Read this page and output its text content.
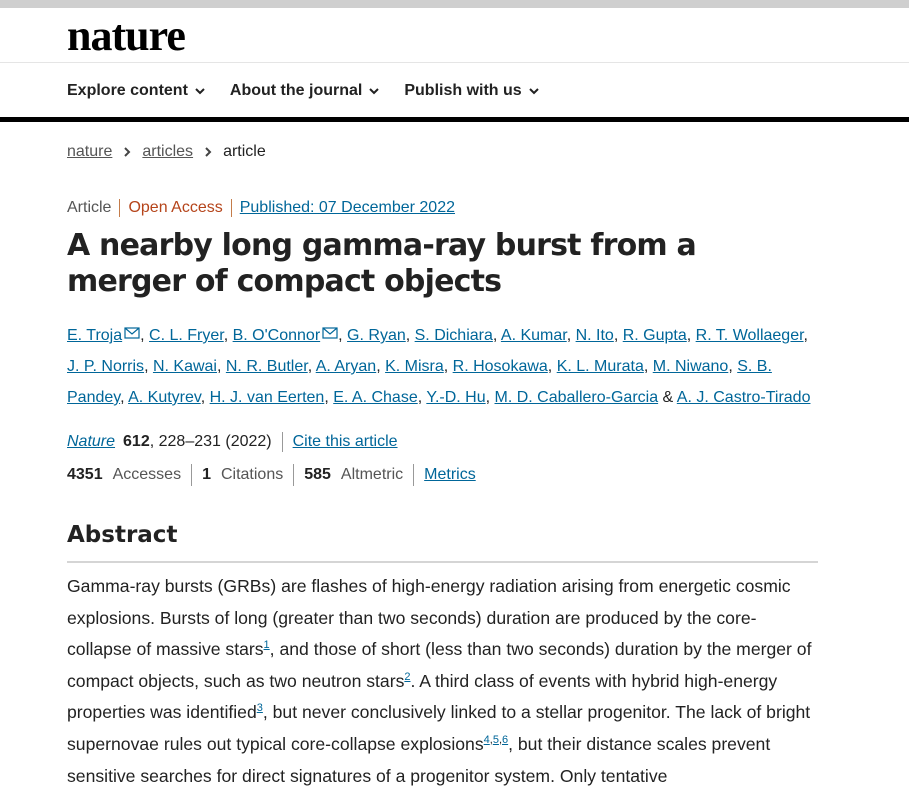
nature
Explore content	About the journal	Publish with us
nature articles article
Article	Open Access	Published: 07 December 2022
A nearby long gamma-ray burst from a merger of compact objects
E. Troja , C. L. Fryer, B. O'Connor , G. Ryan, S. Dichiara, A. Kumar, N. Ito, R. Gupta, R. T. Wollaeger, J. P. Norris, N. Kawai, N. R. Butler, A. Aryan, K. Misra, R. Hosokawa, K. L. Murata, M. Niwano, S. B. Pandey, A. Kutyrev, H. J. van Eerten, E. A. Chase, Y.-D. Hu, M. D. Caballero-Garcia & A. J. Castro-Tirado
Nature 612 , 228–231 (2022) Cite this article
4351 Accesses 1 Citations 585 Altmetric Metrics
Abstract

Gamma-ray bursts (GRBs) are flashes of high-energy radiation arising from energetic cosmic explosions. Bursts of long (greater than two seconds) duration are produced by the core-collapse of massive stars$^1$, and those of short (less than two seconds) duration by the merger of compact objects, such as two neutron stars$^2$. A third class of events with hybrid high-energy properties was identified$^3$, but never conclusively linked to a stellar progenitor. The lack of bright supernovae rules out typical core-collapse explosions$^{4,5,6}$, but their distance scales prevent sensitive searches for direct signatures of a progenitor system. Only tentative
